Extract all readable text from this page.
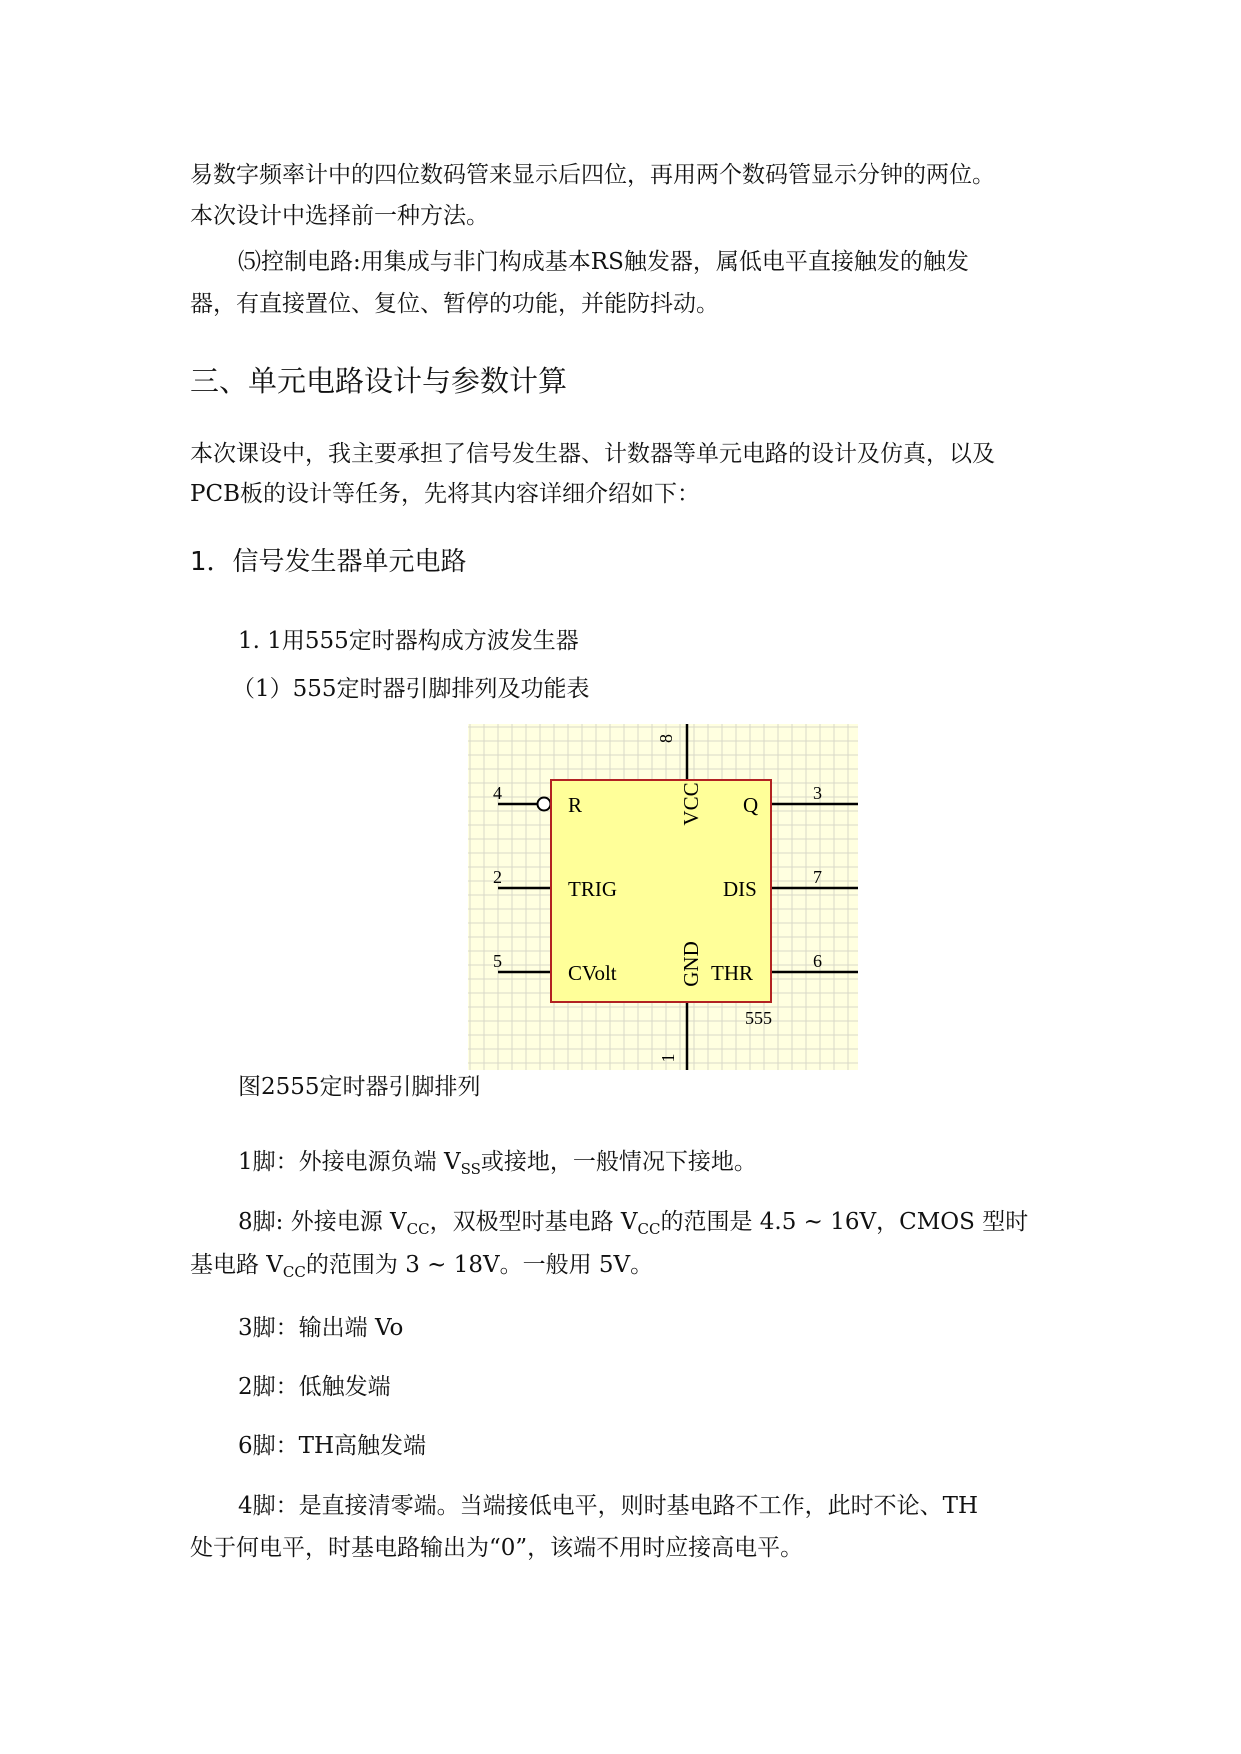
易数字频率计中的四位数码管来显示后四位，再用两个数码管显示分钟的两位。
本次设计中选择前一种方法。
⑸控制电路:用集成与非门构成基本RS触发器，属低电平直接触发的触发
器，有直接置位、复位、暂停的功能，并能防抖动。
三、单元电路设计与参数计算
本次课设中，我主要承担了信号发生器、计数器等单元电路的设计及仿真，以及
PCB板的设计等任务，先将其内容详细介绍如下：
1．信号发生器单元电路
1. 1用555定时器构成方波发生器
（1）555定时器引脚排列及功能表
4
2
5
3
7
6
8
1
R	Q
VCC
TRIG	DIS
CVolt	GND THR
555
图2555定时器引脚排列
1脚：外接电源负端 $V_{SS}$或接地，一般情况下接地。
8脚: 外接电源 $V_{CC}$，双极型时基电路 $V_{CC}$的范围是 4.5 ~ 16V，CMOS 型时
基电路 $V_{CC}$的范围为 3 ~ 18V。一般用 5V。
3脚：输出端 Vo
2脚：低触发端
6脚：TH高触发端
4脚：是直接清零端。当端接低电平，则时基电路不工作，此时不论、TH
处于何电平，时基电路输出为“0”，该端不用时应接高电平。
